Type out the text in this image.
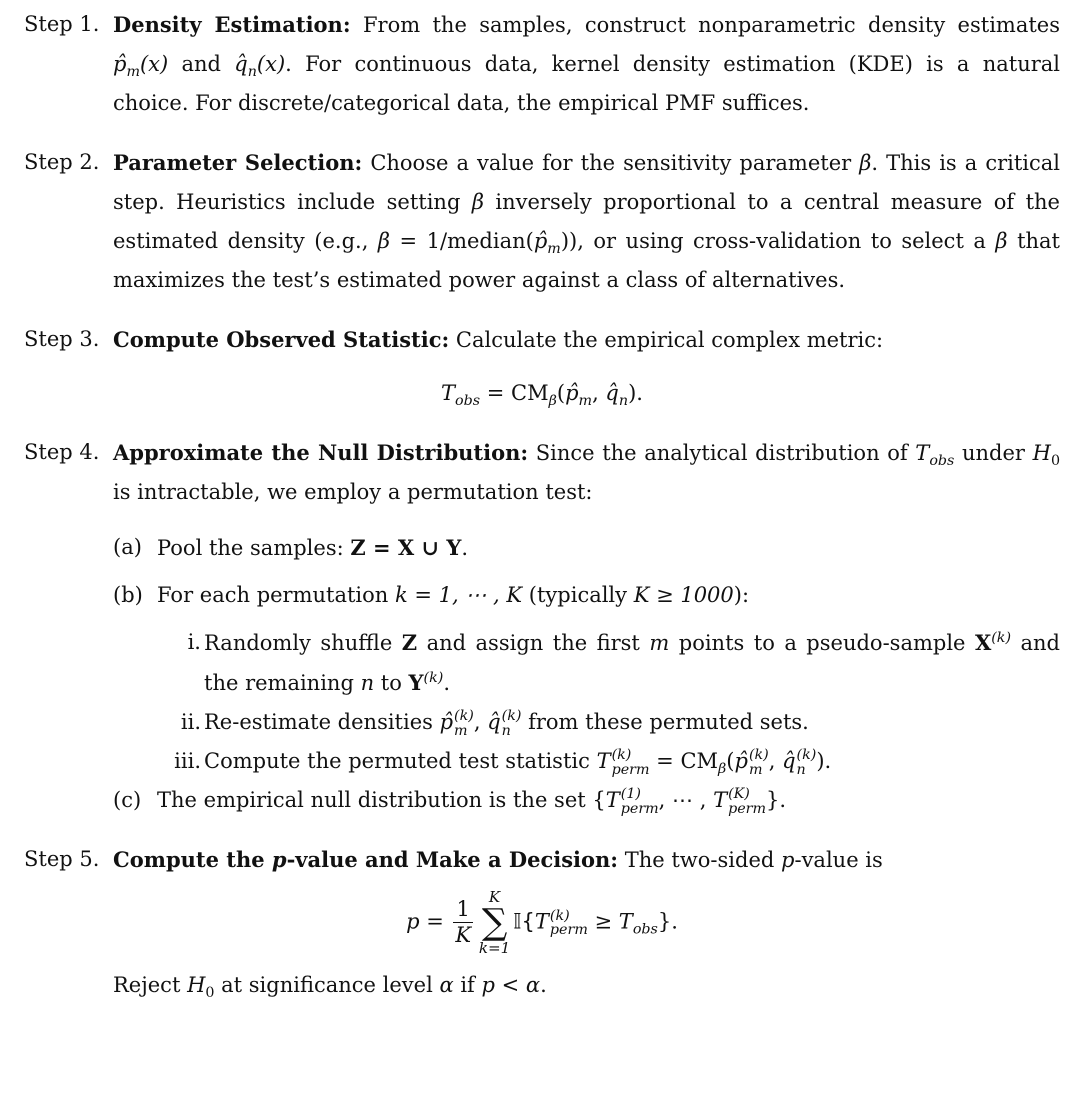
Step 1. Density Estimation: From the samples, construct nonparametric density estimates $p̂_m(x)$ and $q̂_n(x)$. For continuous data, kernel density estimation (KDE) is a natural choice. For discrete/categorical data, the empirical PMF suffices.
Step 2. Parameter Selection: Choose a value for the sensitivity parameter β. This is a critical step. Heuristics include setting β inversely proportional to a central measure of the estimated density (e.g., $\beta = 1/median(p̂_m)$), or using cross-validation to select a β that maximizes the test’s estimated power against a class of alternatives.
Step 3. Compute Observed Statistic: Calculate the empirical complex metric:
$T_{obs}$ = $CM_\beta(p̂_m$, $q̂_n$).
Step 4. Approximate the Null Distribution: Since the analytical distribution of $T_{obs}$ under $H_0$ is intractable, we employ a permutation test:
(a) Pool the samples: Z = X ∪ Y.
(b) For each permutation k = 1, ⋯ , K (typically K ≥ 1000):
i. Randomly shuffle Z and assign the first m points to a pseudo-sample $X^{(k)}$ and the remaining n to $Y^{(k)}$.
ii. Re-estimate densities p̂ (k)
m , q̂ (k)
n from these permuted sets.
iii. Compute the permuted test statistic T (k)
perm = $CM_\beta(p̂$ (k)
m , q̂ (k)
n ).
(c) The empirical null distribution is the set {T (1)
perm , ⋯ , T (K)
perm }.
Step 5. Compute the p-value and Make a Decision: The two-sided p-value is
$p = \frac{1}{K}$
K
∑
k=1
𝕀{T (k)
perm ≥ $T_{obs}$}.
Reject $H_0$ at significance level α if p < α.
